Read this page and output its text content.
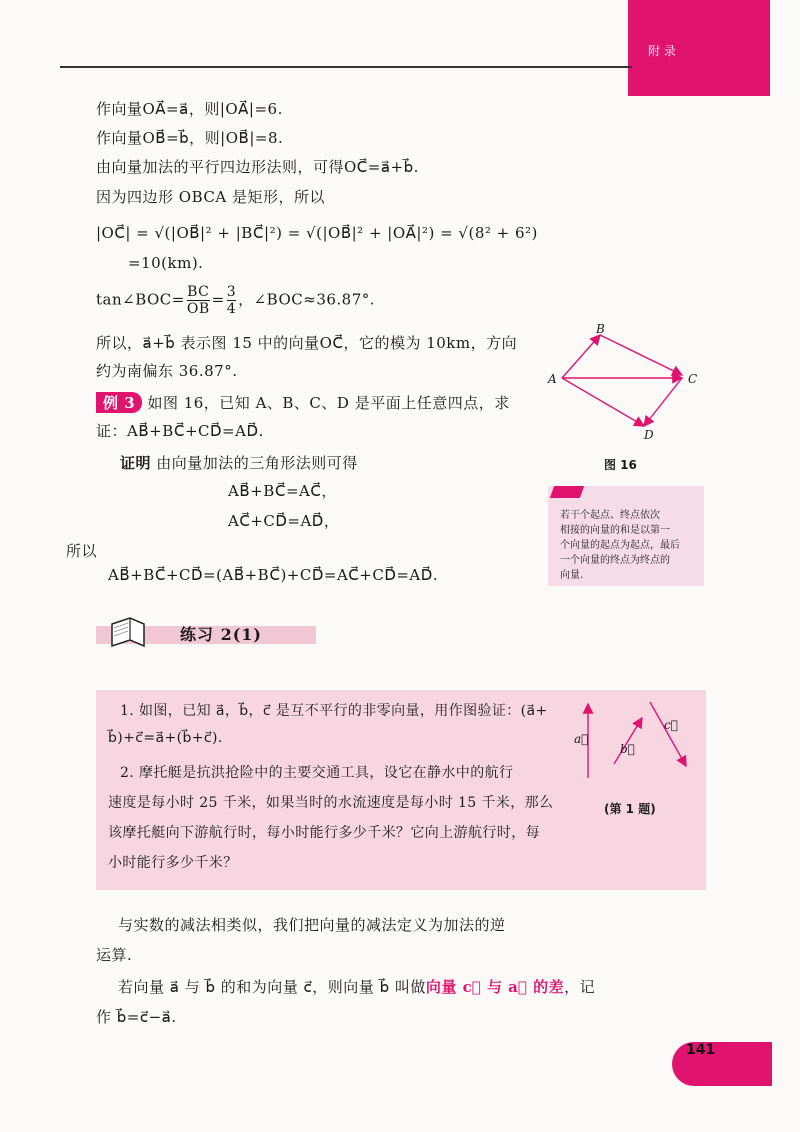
附 录
作向量OA⃗=a⃗，则|OA⃗|=6.
作向量OB⃗=b⃗，则|OB⃗|=8.
由向量加法的平行四边形法则，可得OC⃗=a⃗+b⃗.
因为四边形 OBCA 是矩形，所以
|OC⃗| = √(|OB⃗|² + |BC⃗|²) = √(|OB⃗|² + |OA⃗|²) = √(8² + 6²)
=10(km).
tan∠BOC= $\frac{BC}{OB} = \frac{3}{4}$ ，∠BOC≈36.87°.
所以，a⃗+b⃗ 表示图 15 中的向量OC⃗，它的模为 10km，方向
约为南偏东 36.87°.
例 3 如图 16，已知 A、B、C、D 是平面上任意四点，求
证：AB⃗+BC⃗+CD⃗=AD⃗.
证明 由向量加法的三角形法则可得
AB⃗+BC⃗=AC⃗，
AC⃗+CD⃗=AD⃗，
所以
AB⃗+BC⃗+CD⃗=(AB⃗+BC⃗)+CD⃗=AC⃗+CD⃗=AD⃗.
A
B
C
D
图 16
若干个起点、终点依次
相接的向量的和是以第一
个向量的起点为起点，最后
一个向量的终点为终点的
向量.
练习 2(1)
1. 如图，已知 a⃗，b⃗，c⃗ 是互不平行的非零向量，用作图验证：(a⃗+
b⃗)+c⃗=a⃗+(b⃗+c⃗).
2. 摩托艇是抗洪抢险中的主要交通工具，设它在静水中的航行
速度是每小时 25 千米，如果当时的水流速度是每小时 15 千米，那么
该摩托艇向下游航行时，每小时能行多少千米？它向上游航行时，每
小时能行多少千米？
a⃗
b⃗
c⃗
(第 1 题)
与实数的减法相类似，我们把向量的减法定义为加法的逆
运算.
若向量 a⃗ 与 b⃗ 的和为向量 c⃗，则向量 b⃗ 叫做向量 c⃗ 与 a⃗ 的差，记
作 b⃗=c⃗−a⃗.
141
